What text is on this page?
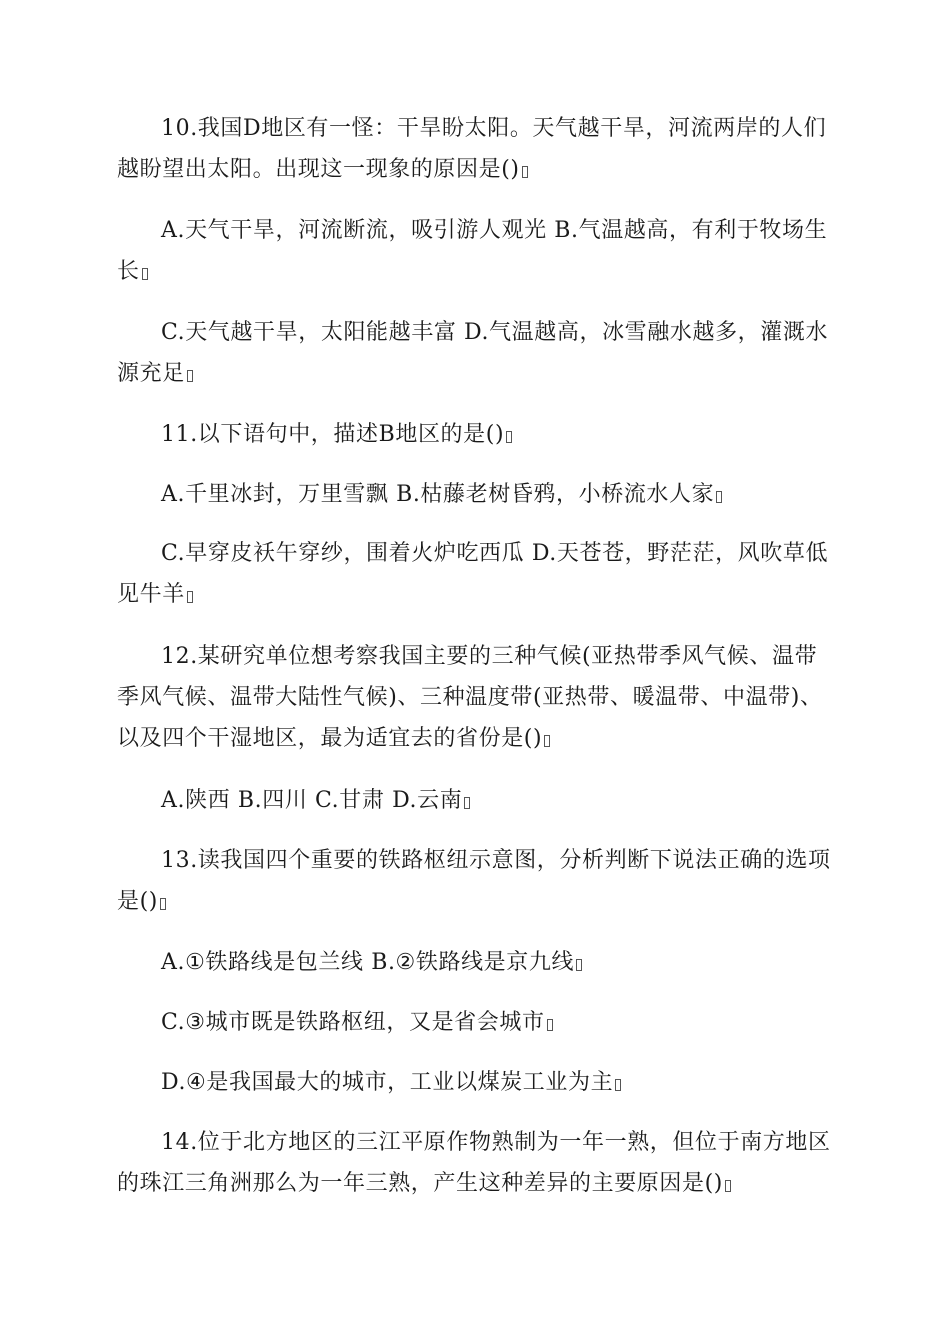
10.我国D地区有一怪：干旱盼太阳。天气越干旱，河流两岸的人们越盼望出太阳。出现这一现象的原因是()

A.天气干旱，河流断流，吸引游人观光 B.气温越高，有利于牧场生长

C.天气越干旱，太阳能越丰富 D.气温越高，冰雪融水越多，灌溉水源充足

11.以下语句中，描述B地区的是()

A.千里冰封，万里雪飘 B.枯藤老树昏鸦，小桥流水人家

C.早穿皮袄午穿纱，围着火炉吃西瓜 D.天苍苍，野茫茫，风吹草低见牛羊

12.某研究单位想考察我国主要的三种气候(亚热带季风气候、温带季风气候、温带大陆性气候)、三种温度带(亚热带、暖温带、中温带)、以及四个干湿地区，最为适宜去的省份是()

A.陕西 B.四川 C.甘肃 D.云南

13.读我国四个重要的铁路枢纽示意图，分析判断下说法正确的选项是()

A.①铁路线是包兰线 B.②铁路线是京九线

C.③城市既是铁路枢纽，又是省会城市

D.④是我国最大的城市，工业以煤炭工业为主

14.位于北方地区的三江平原作物熟制为一年一熟，但位于南方地区的珠江三角洲那么为一年三熟，产生这种差异的主要原因是()
